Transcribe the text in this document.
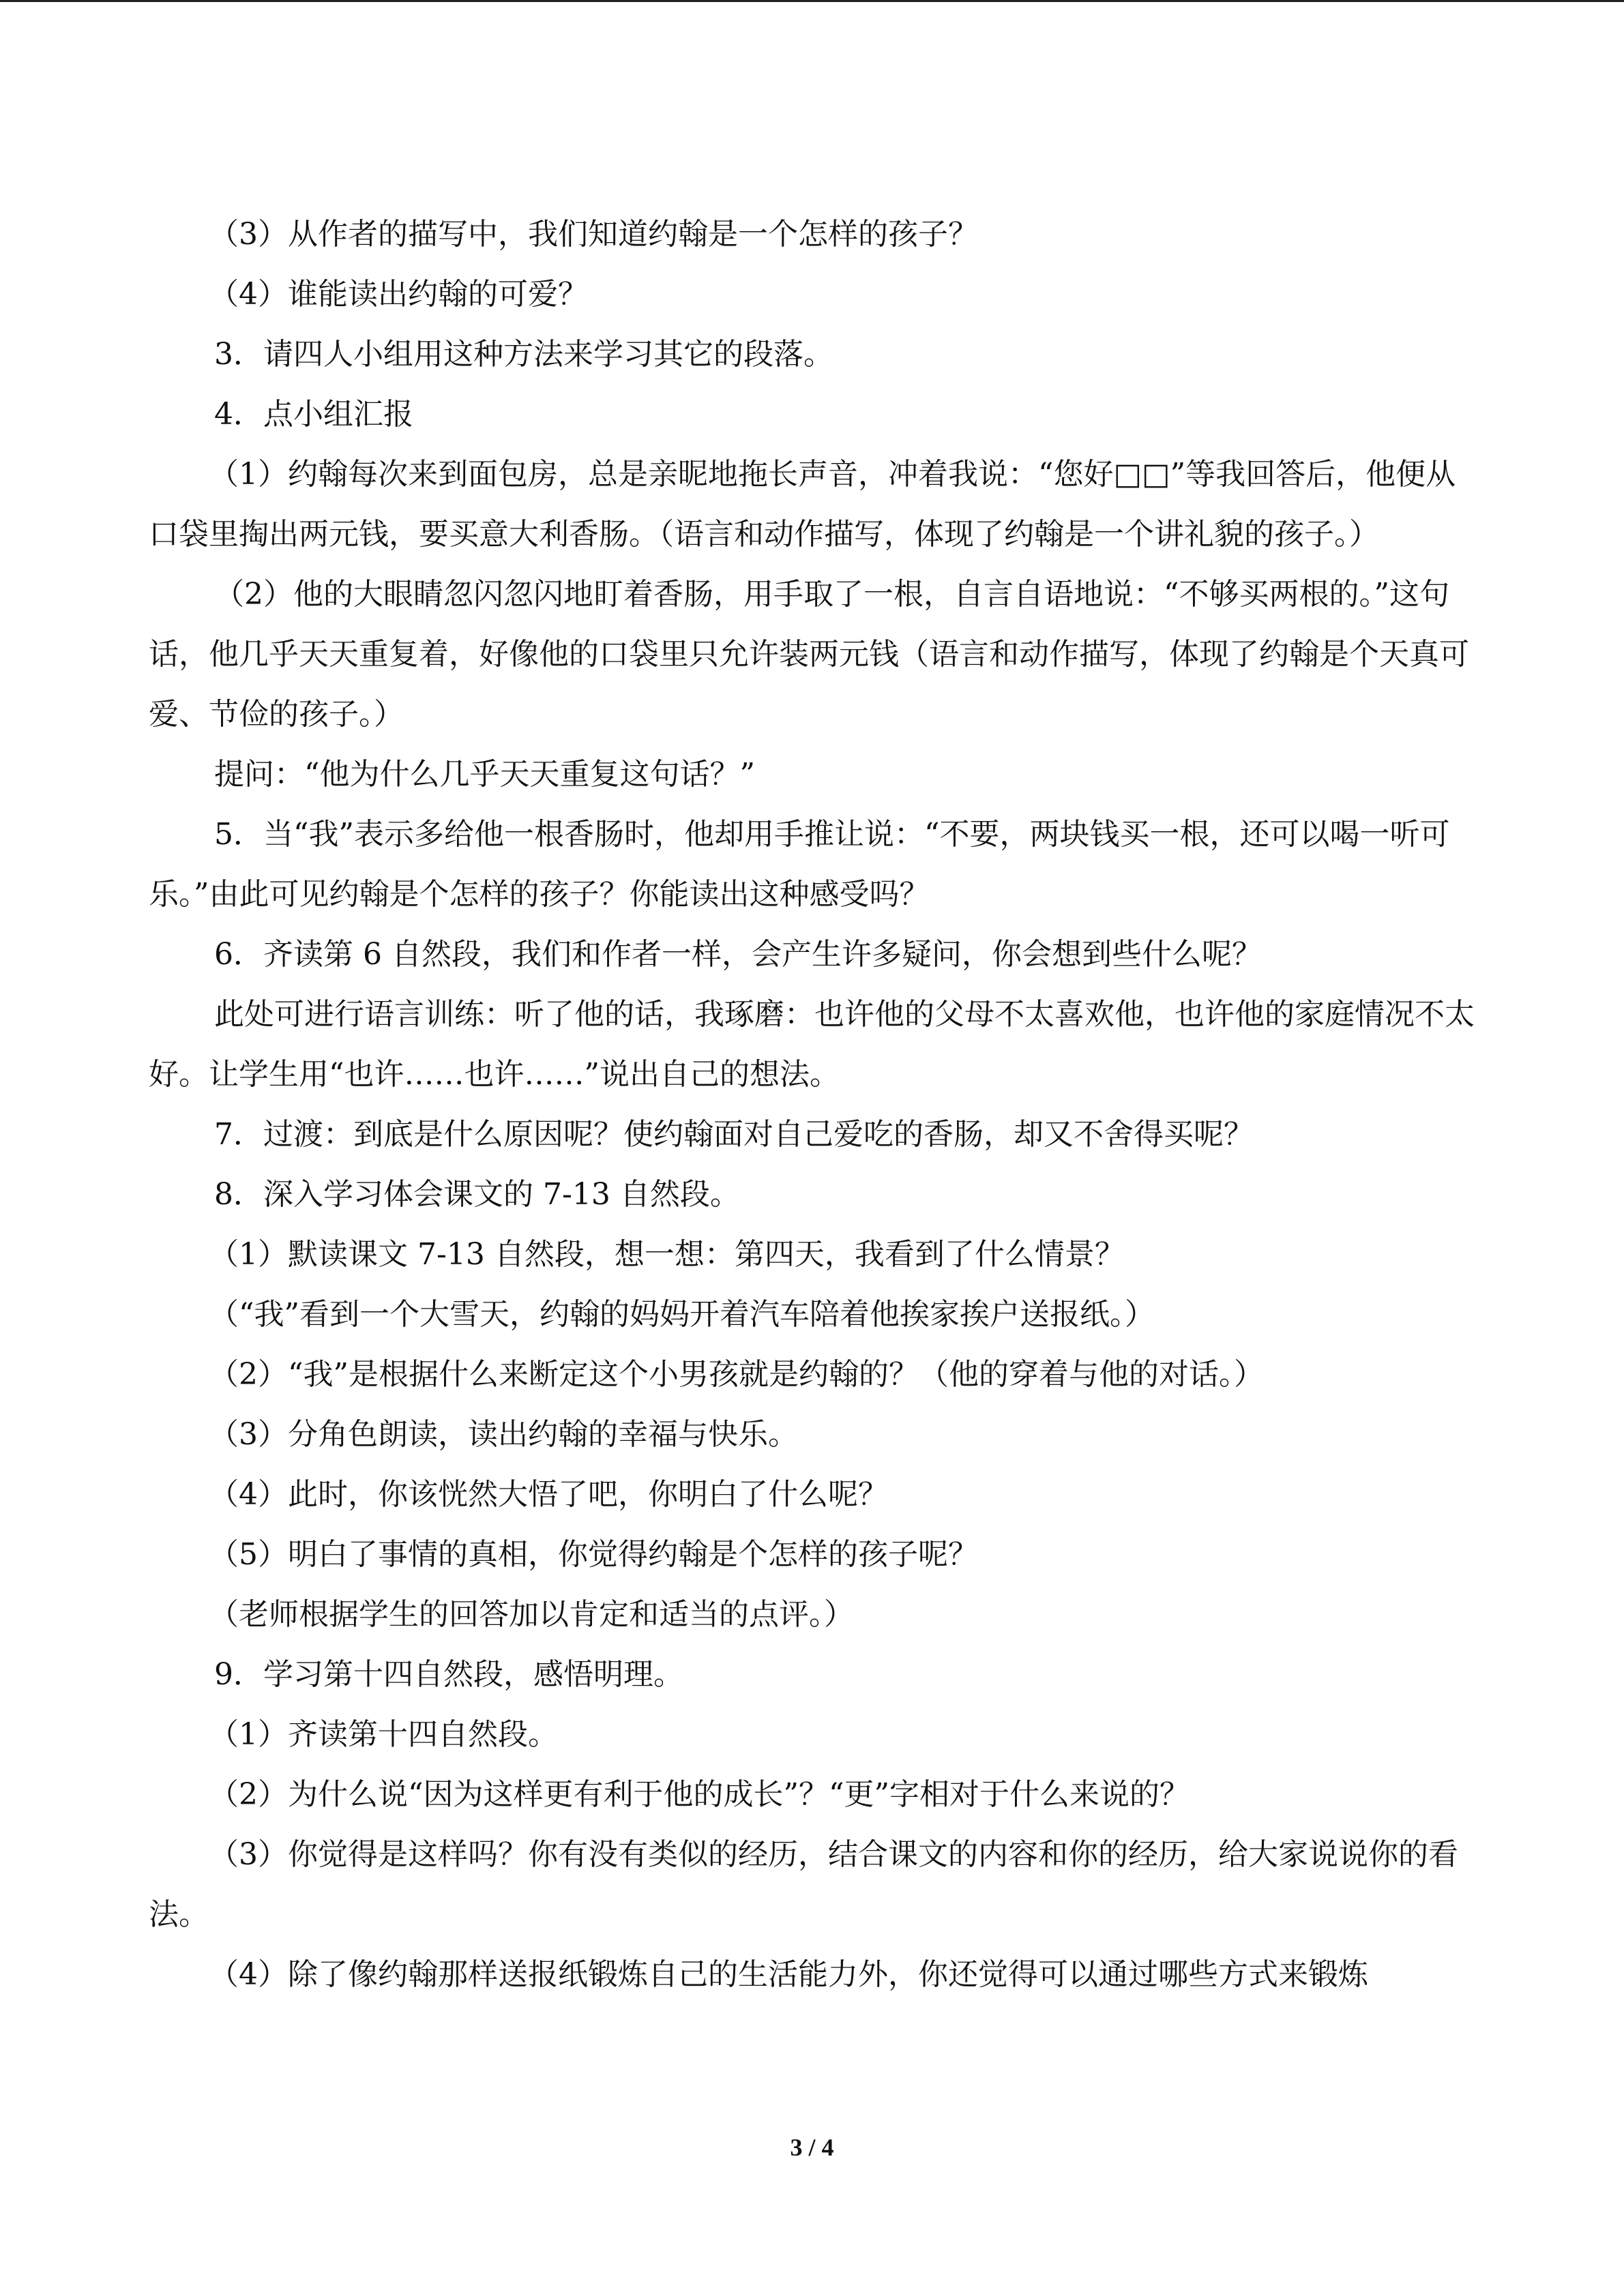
（3）从作者的描写中，我们知道约翰是一个怎样的孩子？

（4）谁能读出约翰的可爱？

3．请四人小组用这种方法来学习其它的段落。

4．点小组汇报

（1）约翰每次来到面包房，总是亲昵地拖长声音，冲着我说：“您好□□”等我回答后，他便从口袋里掏出两元钱，要买意大利香肠。（语言和动作描写，体现了约翰是一个讲礼貌的孩子。）

（2）他的大眼睛忽闪忽闪地盯着香肠，用手取了一根，自言自语地说：“不够买两根的。”这句话，他几乎天天重复着，好像他的口袋里只允许装两元钱（语言和动作描写，体现了约翰是个天真可爱、节俭的孩子。）

提问：“他为什么几乎天天重复这句话？”

5．当“我”表示多给他一根香肠时，他却用手推让说：“不要，两块钱买一根，还可以喝一听可乐。”由此可见约翰是个怎样的孩子？你能读出这种感受吗？

6．齐读第 6 自然段，我们和作者一样，会产生许多疑问，你会想到些什么呢？

此处可进行语言训练：听了他的话，我琢磨：也许他的父母不太喜欢他，也许他的家庭情况不太好。让学生用“也许……也许……”说出自己的想法。

7．过渡：到底是什么原因呢？使约翰面对自己爱吃的香肠，却又不舍得买呢？

8．深入学习体会课文的 7-13 自然段。

（1）默读课文 7-13 自然段，想一想：第四天，我看到了什么情景？

（“我”看到一个大雪天，约翰的妈妈开着汽车陪着他挨家挨户送报纸。）

（2）“我”是根据什么来断定这个小男孩就是约翰的？（他的穿着与他的对话。）

（3）分角色朗读，读出约翰的幸福与快乐。

（4）此时，你该恍然大悟了吧，你明白了什么呢？

（5）明白了事情的真相，你觉得约翰是个怎样的孩子呢？

（老师根据学生的回答加以肯定和适当的点评。）

9．学习第十四自然段，感悟明理。

（1）齐读第十四自然段。

（2）为什么说“因为这样更有利于他的成长”？“更”字相对于什么来说的？

（3）你觉得是这样吗？你有没有类似的经历，结合课文的内容和你的经历，给大家说说你的看法。

（4）除了像约翰那样送报纸锻炼自己的生活能力外，你还觉得可以通过哪些方式来锻炼

3 / 4
